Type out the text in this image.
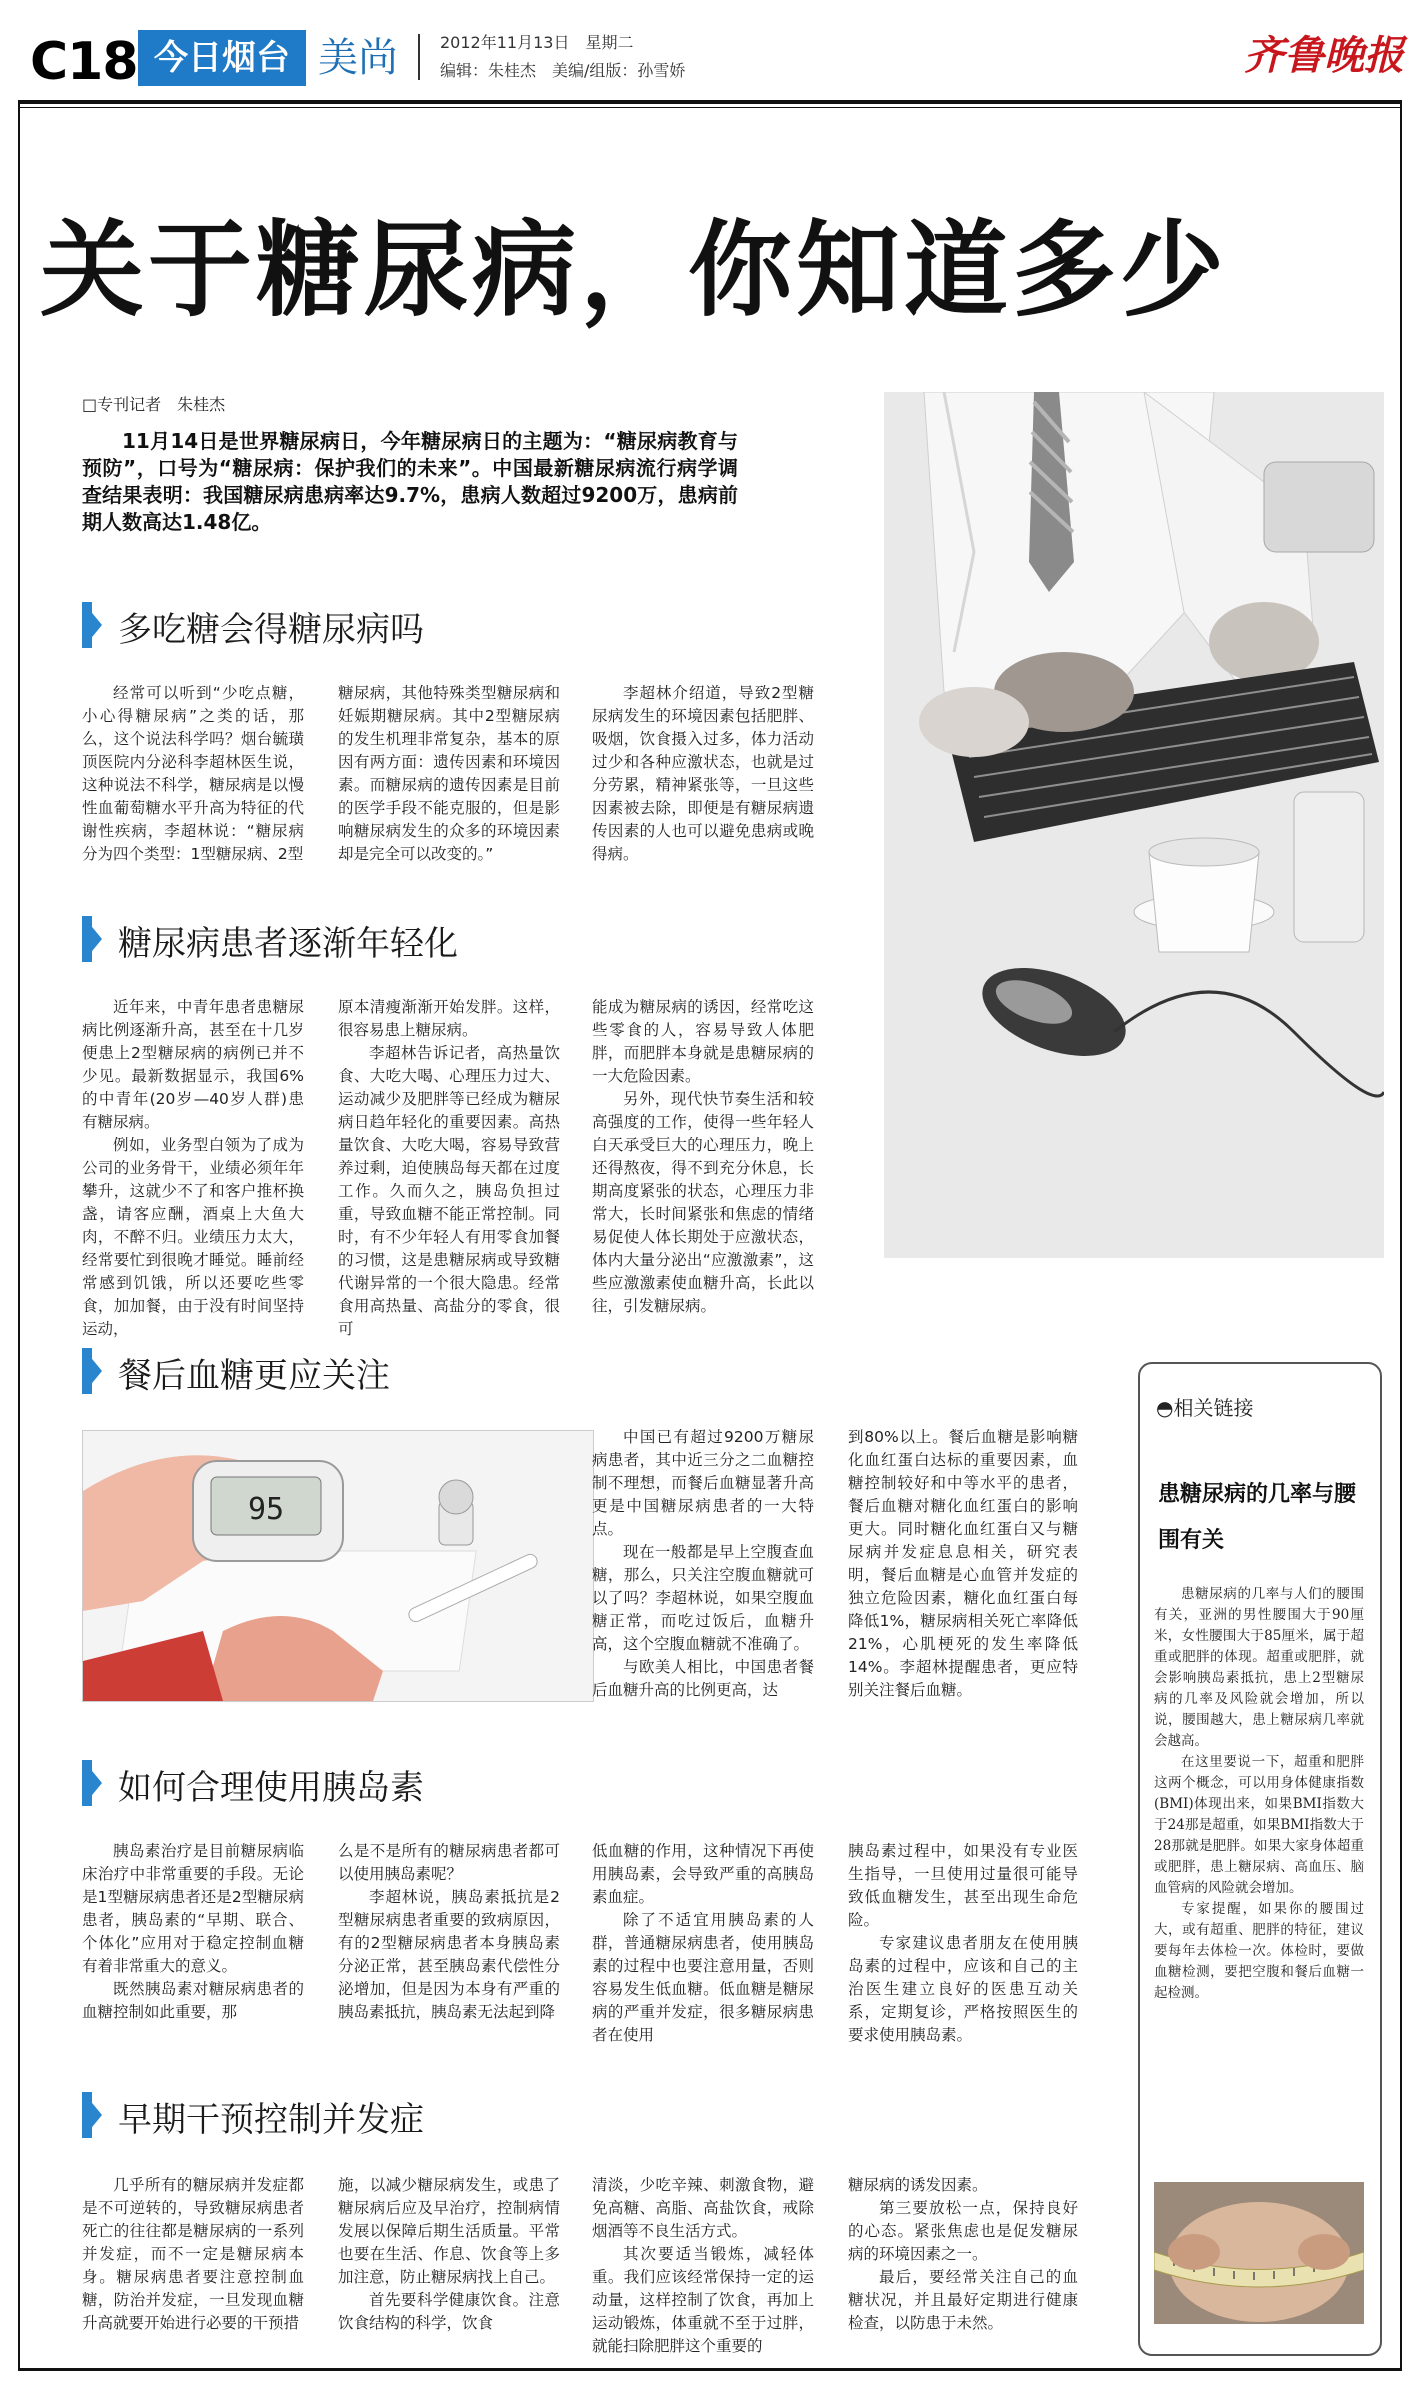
C18 今日烟台 美尚	2012年11月13日　星期二
编辑：朱桂杰　美编/组版：孙雪娇	齐鲁晚报
关于糖尿病，你知道多少
□专刊记者　朱桂杰
11月14日是世界糖尿病日，今年糖尿病日的主题为：“糖尿病教育与预防”，口号为“糖尿病：保护我们的未来”。中国最新糖尿病流行病学调查结果表明：我国糖尿病患病率达9.7%，患病人数超过9200万，患病前期人数高达1.48亿。
多吃糖会得糖尿病吗

经常可以听到“少吃点糖，小心得糖尿病”之类的话，那么，这个说法科学吗？烟台毓璜顶医院内分泌科李超林医生说，这种说法不科学，糖尿病是以慢性血葡萄糖水平升高为特征的代谢性疾病，李超林说：“糖尿病分为四个类型：1型糖尿病、2型

糖尿病，其他特殊类型糖尿病和妊娠期糖尿病。其中2型糖尿病的发生机理非常复杂，基本的原因有两方面：遗传因素和环境因素。而糖尿病的遗传因素是目前的医学手段不能克服的，但是影响糖尿病发生的众多的环境因素却是完全可以改变的。”

李超林介绍道，导致2型糖尿病发生的环境因素包括肥胖、吸烟，饮食摄入过多，体力活动过少和各种应激状态，也就是过分劳累，精神紧张等，一旦这些因素被去除，即便是有糖尿病遗传因素的人也可以避免患病或晚得病。

糖尿病患者逐渐年轻化

近年来，中青年患者患糖尿病比例逐渐升高，甚至在十几岁便患上2型糖尿病的病例已并不少见。最新数据显示，我国6%的中青年(20岁—40岁人群)患有糖尿病。

例如，业务型白领为了成为公司的业务骨干，业绩必须年年攀升，这就少不了和客户推杯换盏，请客应酬，酒桌上大鱼大肉，不醉不归。业绩压力太大，经常要忙到很晚才睡觉。睡前经常感到饥饿，所以还要吃些零食，加加餐，由于没有时间坚持运动，

原本清瘦渐渐开始发胖。这样，很容易患上糖尿病。

李超林告诉记者，高热量饮食、大吃大喝、心理压力过大、运动减少及肥胖等已经成为糖尿病日趋年轻化的重要因素。高热量饮食、大吃大喝，容易导致营养过剩，迫使胰岛每天都在过度工作。久而久之，胰岛负担过重，导致血糖不能正常控制。同时，有不少年轻人有用零食加餐的习惯，这是患糖尿病或导致糖代谢异常的一个很大隐患。经常食用高热量、高盐分的零食，很可

能成为糖尿病的诱因，经常吃这些零食的人，容易导致人体肥胖，而肥胖本身就是患糖尿病的一大危险因素。

另外，现代快节奏生活和较高强度的工作，使得一些年轻人白天承受巨大的心理压力，晚上还得熬夜，得不到充分休息，长期高度紧张的状态，心理压力非常大，长时间紧张和焦虑的情绪易促使人体长期处于应激状态，体内大量分泌出“应激激素”，这些应激激素使血糖升高，长此以往，引发糖尿病。

餐后血糖更应关注
95

中国已有超过9200万糖尿病患者，其中近三分之二血糖控制不理想，而餐后血糖显著升高更是中国糖尿病患者的一大特点。

现在一般都是早上空腹查血糖，那么，只关注空腹血糖就可以了吗？李超林说，如果空腹血糖正常，而吃过饭后，血糖升高，这个空腹血糖就不准确了。

与欧美人相比，中国患者餐后血糖升高的比例更高，达

到80%以上。餐后血糖是影响糖化血红蛋白达标的重要因素，血糖控制较好和中等水平的患者，餐后血糖对糖化血红蛋白的影响更大。同时糖化血红蛋白又与糖尿病并发症息息相关，研究表明，餐后血糖是心血管并发症的独立危险因素，糖化血红蛋白每降低1%，糖尿病相关死亡率降低21%，心肌梗死的发生率降低14%。李超林提醒患者，更应特别关注餐后血糖。

如何合理使用胰岛素

胰岛素治疗是目前糖尿病临床治疗中非常重要的手段。无论是1型糖尿病患者还是2型糖尿病患者，胰岛素的“早期、联合、个体化”应用对于稳定控制血糖有着非常重大的意义。

既然胰岛素对糖尿病患者的血糖控制如此重要，那

么是不是所有的糖尿病患者都可以使用胰岛素呢？

李超林说，胰岛素抵抗是2型糖尿病患者重要的致病原因，有的2型糖尿病患者本身胰岛素分泌正常，甚至胰岛素代偿性分泌增加，但是因为本身有严重的胰岛素抵抗，胰岛素无法起到降

低血糖的作用，这种情况下再使用胰岛素，会导致严重的高胰岛素血症。

除了不适宜用胰岛素的人群，普通糖尿病患者，使用胰岛素的过程中也要注意用量，否则容易发生低血糖。低血糖是糖尿病的严重并发症，很多糖尿病患者在使用

胰岛素过程中，如果没有专业医生指导，一旦使用过量很可能导致低血糖发生，甚至出现生命危险。

专家建议患者朋友在使用胰岛素的过程中，应该和自己的主治医生建立良好的医患互动关系，定期复诊，严格按照医生的要求使用胰岛素。

早期干预控制并发症

几乎所有的糖尿病并发症都是不可逆转的，导致糖尿病患者死亡的往往都是糖尿病的一系列并发症，而不一定是糖尿病本身。糖尿病患者要注意控制血糖，防治并发症，一旦发现血糖升高就要开始进行必要的干预措

施，以减少糖尿病发生，或患了糖尿病后应及早治疗，控制病情发展以保障后期生活质量。平常也要在生活、作息、饮食等上多加注意，防止糖尿病找上自己。

首先要科学健康饮食。注意饮食结构的科学，饮食

清淡，少吃辛辣、刺激食物，避免高糖、高脂、高盐饮食，戒除烟酒等不良生活方式。

其次要适当锻炼，减轻体重。我们应该经常保持一定的运动量，这样控制了饮食，再加上运动锻炼，体重就不至于过胖，就能扫除肥胖这个重要的

糖尿病的诱发因素。

第三要放松一点，保持良好的心态。紧张焦虑也是促发糖尿病的环境因素之一。

最后，要经常关注自己的血糖状况，并且最好定期进行健康检查，以防患于未然。

◓相关链接
患糖尿病的几率与腰围有关

患糖尿病的几率与人们的腰围有关，亚洲的男性腰围大于90厘米，女性腰围大于85厘米，属于超重或肥胖的体现。超重或肥胖，就会影响胰岛素抵抗，患上2型糖尿病的几率及风险就会增加，所以说，腰围越大，患上糖尿病几率就会越高。

在这里要说一下，超重和肥胖这两个概念，可以用身体健康指数(BMI)体现出来，如果BMI指数大于24那是超重，如果BMI指数大于28那就是肥胖。如果大家身体超重或肥胖，患上糖尿病、高血压、脑血管病的风险就会增加。

专家提醒，如果你的腰围过大，或有超重、肥胖的特征，建议要每年去体检一次。体检时，要做血糖检测，要把空腹和餐后血糖一起检测。
